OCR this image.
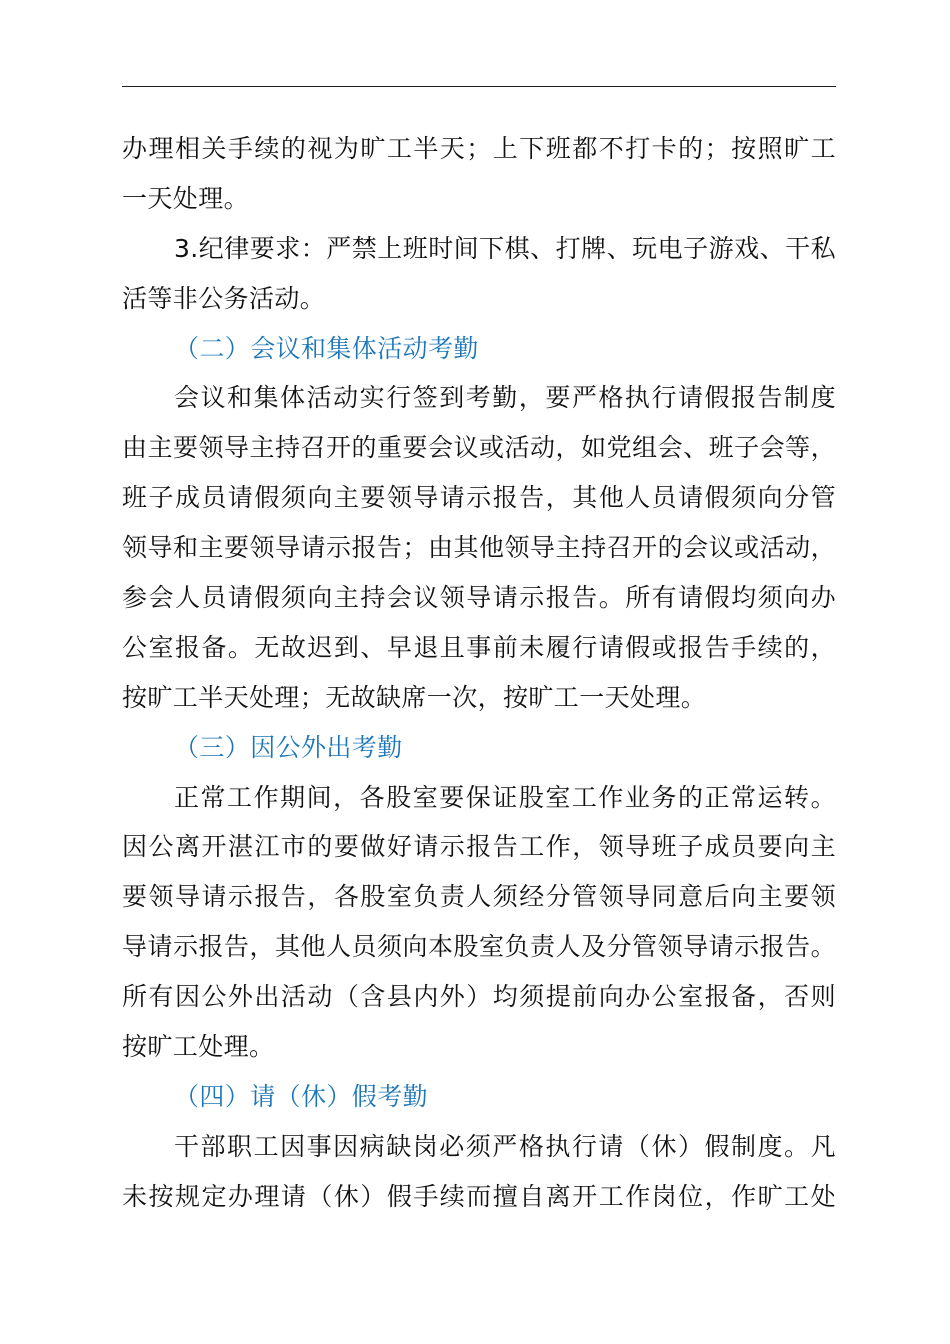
办理相关手续的视为旷工半天；上下班都不打卡的；按照旷工
一天处理。
3.纪律要求：严禁上班时间下棋、打牌、玩电子游戏、干私
活等非公务活动。
（二）会议和集体活动考勤
会议和集体活动实行签到考勤，要严格执行请假报告制度
由主要领导主持召开的重要会议或活动，如党组会、班子会等，
班子成员请假须向主要领导请示报告，其他人员请假须向分管
领导和主要领导请示报告；由其他领导主持召开的会议或活动，
参会人员请假须向主持会议领导请示报告。所有请假均须向办
公室报备。无故迟到、早退且事前未履行请假或报告手续的，
按旷工半天处理；无故缺席一次，按旷工一天处理。
（三）因公外出考勤
正常工作期间，各股室要保证股室工作业务的正常运转。
因公离开湛江市的要做好请示报告工作，领导班子成员要向主
要领导请示报告，各股室负责人须经分管领导同意后向主要领
导请示报告，其他人员须向本股室负责人及分管领导请示报告。
所有因公外出活动（含县内外）均须提前向办公室报备，否则
按旷工处理。
（四）请（休）假考勤
干部职工因事因病缺岗必须严格执行请（休）假制度。凡
未按规定办理请（休）假手续而擅自离开工作岗位，作旷工处
